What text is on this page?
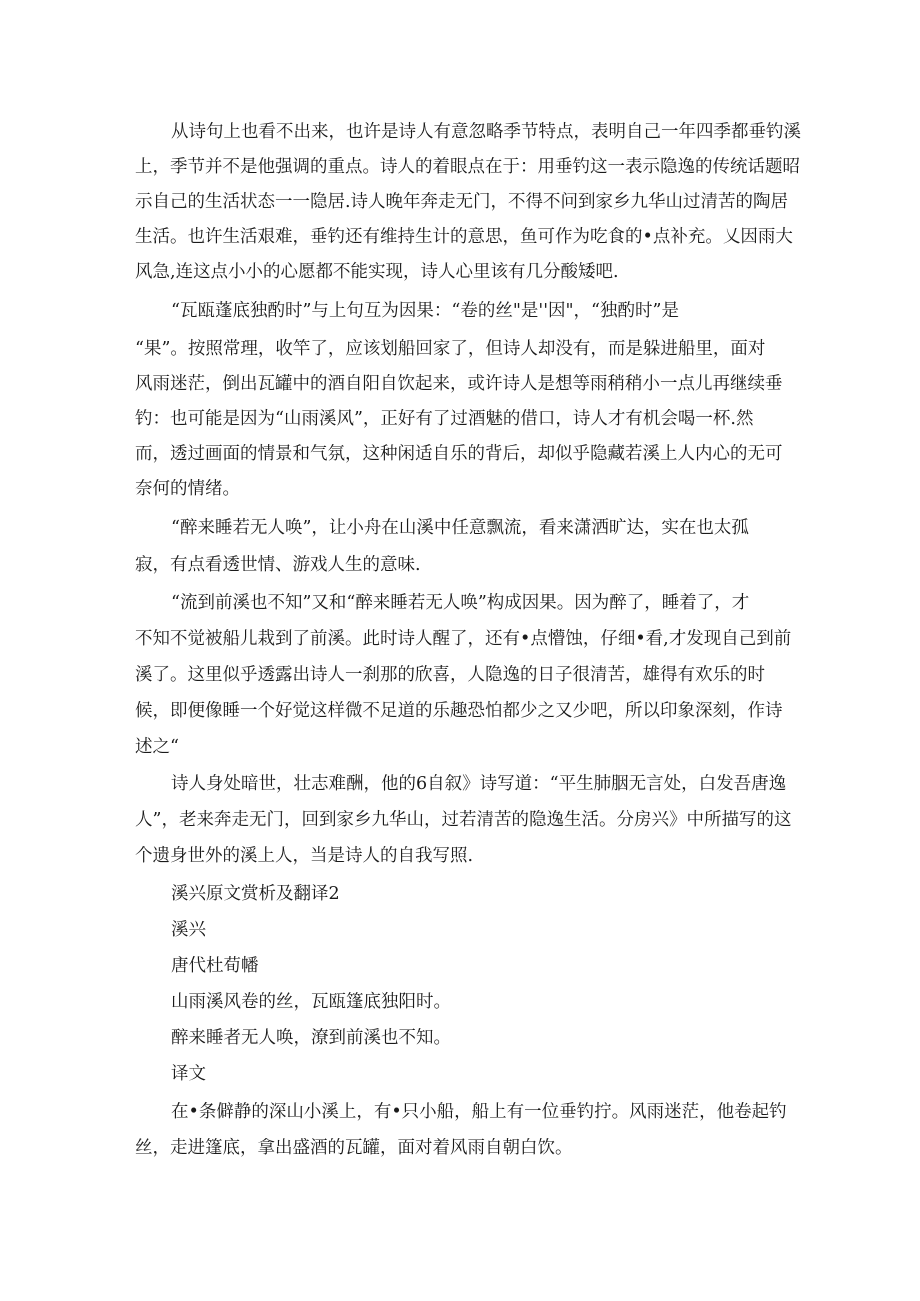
从诗句上也看不出来，也许是诗人有意忽略季节特点，表明自己一年四季都垂钓溪

上，季节并不是他强调的重点。诗人的着眼点在于：用垂钓这一表示隐逸的传统话题昭

示自己的生活状态一一隐居.诗人晚年奔走无门，不得不问到家乡九华山过清苦的陶居

生活。也许生活艰难，垂钓还有维持生计的意思，鱼可作为吃食的•点补充。乂因雨大

风急,连这点小小的心愿都不能实现，诗人心里该有几分酸矮吧.

“瓦瓯蓬底独酌时”与上句互为因果：“卷的丝"是''因"，“独酌时”是

“果”。按照常理，收竿了，应该划船回家了，但诗人却没有，而是躲进船里，面对

风雨迷茫，倒出瓦罐中的酒自阳自饮起来，或许诗人是想等雨稍稍小一点儿再继续垂

钓：也可能是因为“山雨溪风”，正好有了过酒魅的借口，诗人才有机会喝一杯.然

而，透过画面的情景和气氛，这种闲适自乐的背后，却似乎隐藏若溪上人内心的无可

奈何的情绪。

“醉来睡若无人唤”，让小舟在山溪中任意飘流，看来潇洒旷达，实在也太孤

寂，有点看透世情、游戏人生的意味.

“流到前溪也不知”又和“醉来睡若无人唤”构成因果。因为醉了，睡着了，才

不知不觉被船儿栽到了前溪。此时诗人醒了，还有•点懵蚀，仔细•看,才发现自己到前

溪了。这里似乎透露出诗人一刹那的欣喜，人隐逸的日子很清苦，雄得有欢乐的时

候，即便像睡一个好觉这样微不足道的乐趣恐怕都少之又少吧，所以印象深刻，作诗

述之“

诗人身处暗世，壮志难酬，他的6自叙》诗写道：“平生肺胭无言处，白发吾唐逸

人”，老来奔走无门，回到家乡九华山，过若清苦的隐逸生活。分房兴》中所描写的这

个遗身世外的溪上人，当是诗人的自我写照.

溪兴原文赏析及翻译2

溪兴

唐代杜荀幡

山雨溪风卷的丝，瓦瓯篷底独阳时。

醉来睡者无人唤，潦到前溪也不知。

译文

在•条僻静的深山小溪上，有•只小船，船上有一位垂钓拧。风雨迷茫，他卷起钓

丝，走进篷底，拿出盛酒的瓦罐，面对着风雨自朝白饮。
